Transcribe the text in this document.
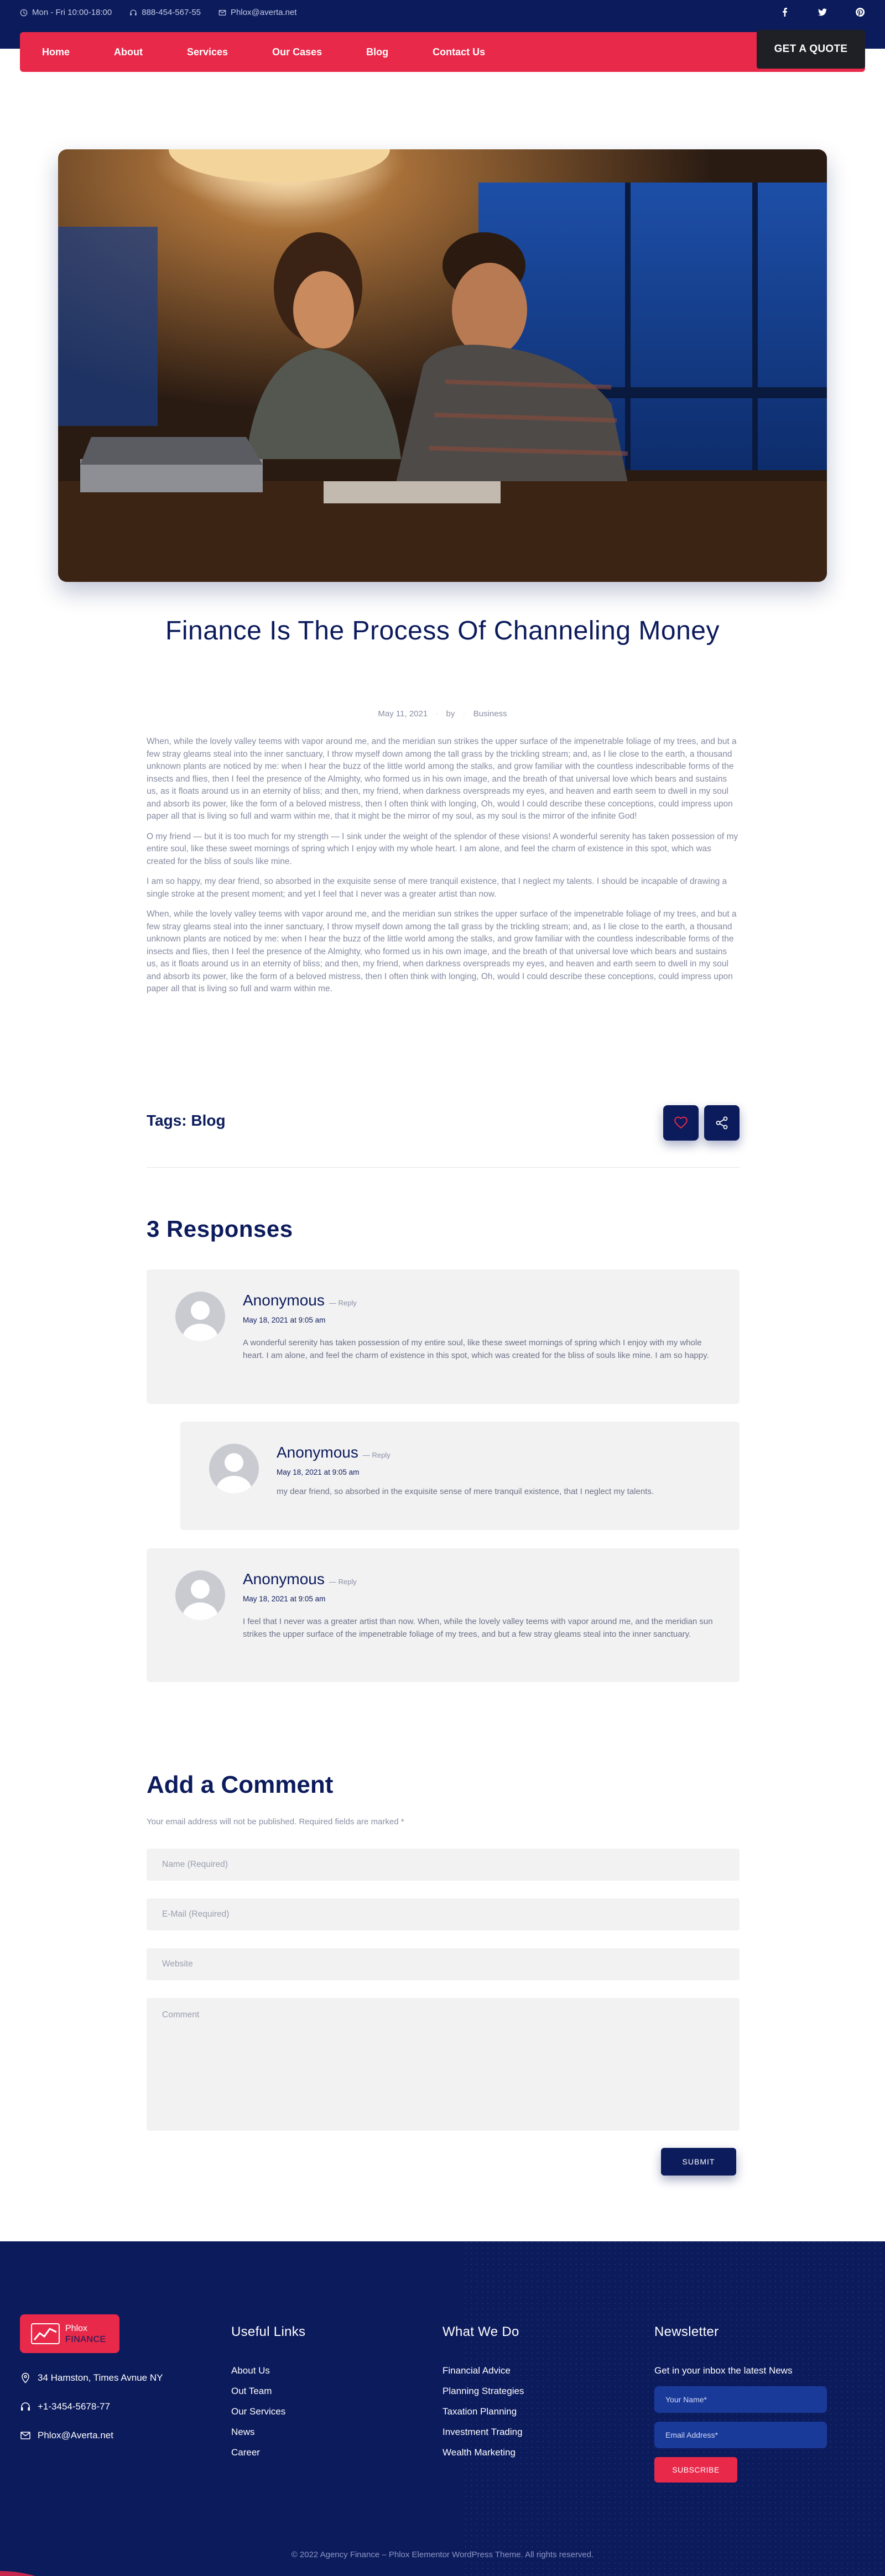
Mon - Fri 10:00-18:00	888-454-567-55	Phlox@averta.net
Home	About	Services	Our Cases	Blog	Contact Us	GET A QUOTE
Finance Is The Process Of Channeling Money
May 11, 2021 · by · Business

When, while the lovely valley teems with vapor around me, and the meridian sun strikes the upper surface of the impenetrable foliage of my trees, and but a few stray gleams steal into the inner sanctuary, I throw myself down among the tall grass by the trickling stream; and, as I lie close to the earth, a thousand unknown plants are noticed by me: when I hear the buzz of the little world among the stalks, and grow familiar with the countless indescribable forms of the insects and flies, then I feel the presence of the Almighty, who formed us in his own image, and the breath of that universal love which bears and sustains us, as it floats around us in an eternity of bliss; and then, my friend, when darkness overspreads my eyes, and heaven and earth seem to dwell in my soul and absorb its power, like the form of a beloved mistress, then I often think with longing, Oh, would I could describe these conceptions, could impress upon paper all that is living so full and warm within me, that it might be the mirror of my soul, as my soul is the mirror of the infinite God!

O my friend — but it is too much for my strength — I sink under the weight of the splendor of these visions! A wonderful serenity has taken possession of my entire soul, like these sweet mornings of spring which I enjoy with my whole heart. I am alone, and feel the charm of existence in this spot, which was created for the bliss of souls like mine.

I am so happy, my dear friend, so absorbed in the exquisite sense of mere tranquil existence, that I neglect my talents. I should be incapable of drawing a single stroke at the present moment; and yet I feel that I never was a greater artist than now.

When, while the lovely valley teems with vapor around me, and the meridian sun strikes the upper surface of the impenetrable foliage of my trees, and but a few stray gleams steal into the inner sanctuary, I throw myself down among the tall grass by the trickling stream; and, as I lie close to the earth, a thousand unknown plants are noticed by me: when I hear the buzz of the little world among the stalks, and grow familiar with the countless indescribable forms of the insects and flies, then I feel the presence of the Almighty, who formed us in his own image, and the breath of that universal love which bears and sustains us, as it floats around us in an eternity of bliss; and then, my friend, when darkness overspreads my eyes, and heaven and earth seem to dwell in my soul and absorb its power, like the form of a beloved mistress, then I often think with longing, Oh, would I could describe these conceptions, could impress upon paper all that is living so full and warm within me.

Tags: Blog
3 Responses
Anonymous — Reply
May 18, 2021 at 9:05 am
A wonderful serenity has taken possession of my entire soul, like these sweet mornings of spring which I enjoy with my whole heart. I am alone, and feel the charm of existence in this spot, which was created for the bliss of souls like mine. I am so happy.
Anonymous — Reply
May 18, 2021 at 9:05 am
my dear friend, so absorbed in the exquisite sense of mere tranquil existence, that I neglect my talents.
Anonymous — Reply
May 18, 2021 at 9:05 am
I feel that I never was a greater artist than now. When, while the lovely valley teems with vapor around me, and the meridian sun strikes the upper surface of the impenetrable foliage of my trees, and but a few stray gleams steal into the inner sanctuary.
Add a Comment
Your email address will not be published. Required fields are marked *
Name (Required)
E-Mail (Required)
Website
Comment
SUBMIT
Phlox
FINANCE
34 Hamston, Times Avnue NY
+1-3454-5678-77
Phlox@Averta.net
Useful Links
About Us
Out Team
Our Services
News
Career
What We Do
Financial Advice
Planning Strategies
Taxation Planning
Investment Trading
Wealth Marketing
Newsletter
Get in your inbox the latest News
Your Name*
Email Address* SUBSCRIBE
© 2022 Agency Finance – Phlox Elementor WordPress Theme. All rights reserved.
